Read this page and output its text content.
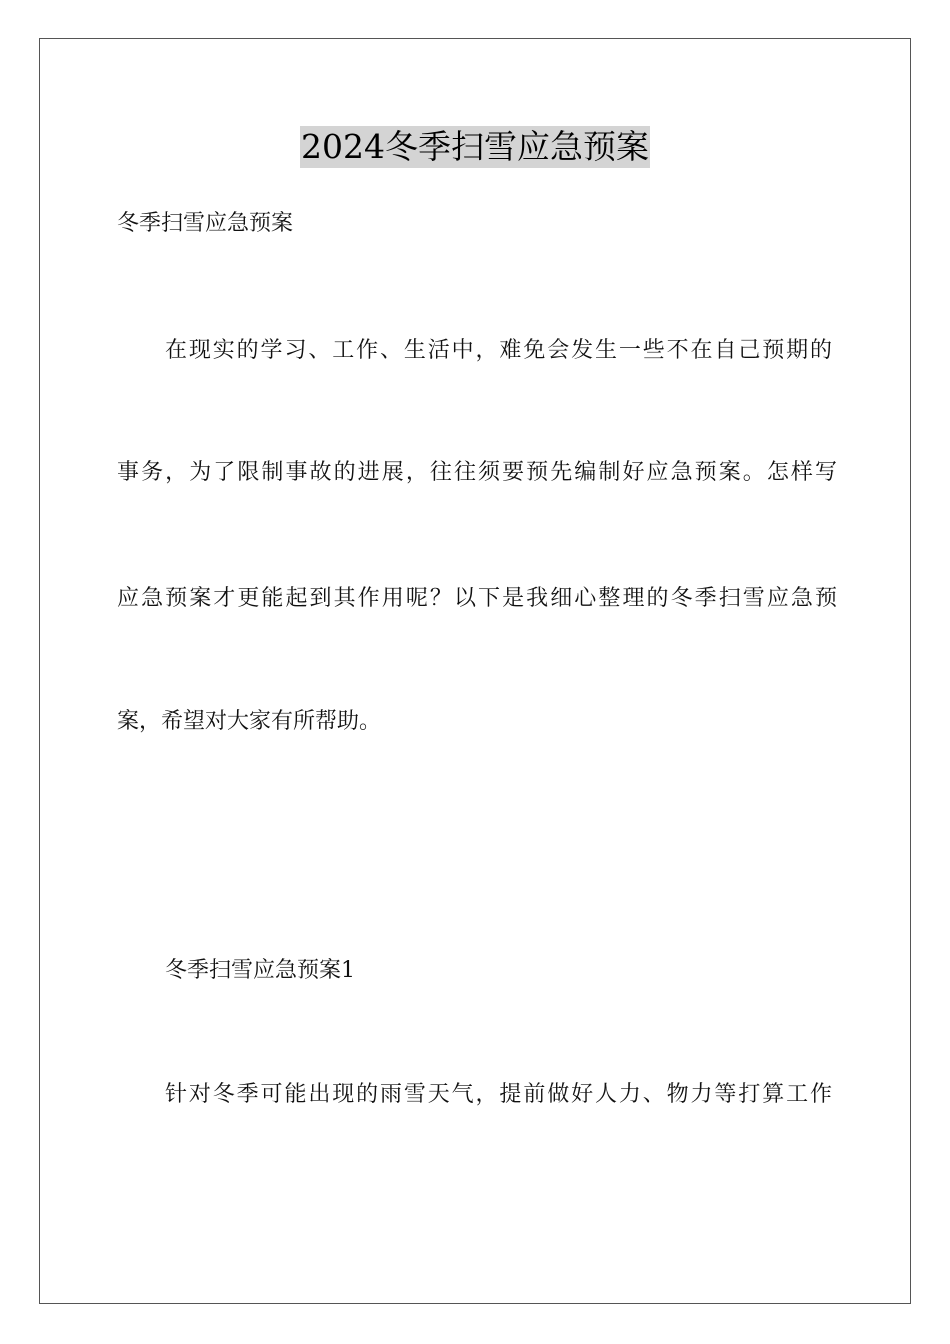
2024冬季扫雪应急预案
冬季扫雪应急预案
在现实的学习、工作、生活中，难免会发生一些不在自己预期的
事务，为了限制事故的进展，往往须要预先编制好应急预案。怎样写
应急预案才更能起到其作用呢？以下是我细心整理的冬季扫雪应急预
案，希望对大家有所帮助。
冬季扫雪应急预案1
针对冬季可能出现的雨雪天气，提前做好人力、物力等打算工作
